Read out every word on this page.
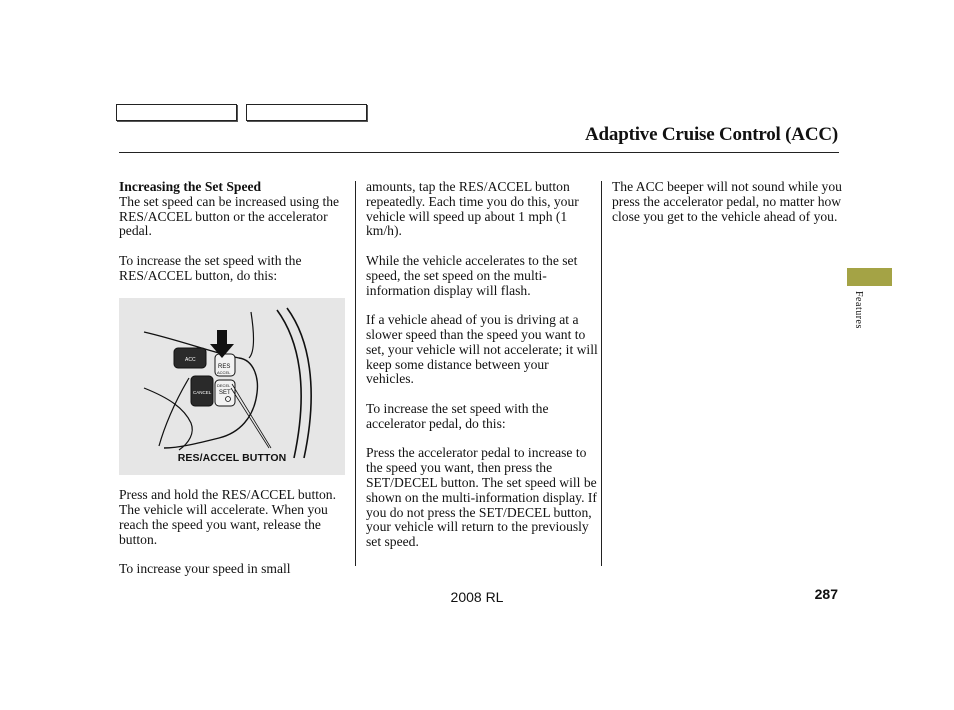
Adaptive Cruise Control (ACC)

Increasing the Set Speed
The set speed can be increased using the RES/ACCEL button or the accelerator pedal.

To increase the set speed with the RES/ACCEL button, do this:

ACC
CANCEL
RES
ACCEL
DECEL
SET
RES/ACCEL BUTTON

Press and hold the RES/ACCEL button. The vehicle will accelerate. When you reach the speed you want, release the button.

To increase your speed in small

amounts, tap the RES/ACCEL button repeatedly. Each time you do this, your vehicle will speed up about 1 mph (1 km/h).

While the vehicle accelerates to the set speed, the set speed on the multi-information display will flash.

If a vehicle ahead of you is driving at a slower speed than the speed you want to set, your vehicle will not accelerate; it will keep some distance between your vehicles.

To increase the set speed with the accelerator pedal, do this:

Press the accelerator pedal to increase to the speed you want, then press the SET/DECEL button. The set speed will be shown on the multi-information display. If you do not press the SET/DECEL button, your vehicle will return to the previously set speed.

The ACC beeper will not sound while you press the accelerator pedal, no matter how close you get to the vehicle ahead of you.

Features
2008 RL	287
